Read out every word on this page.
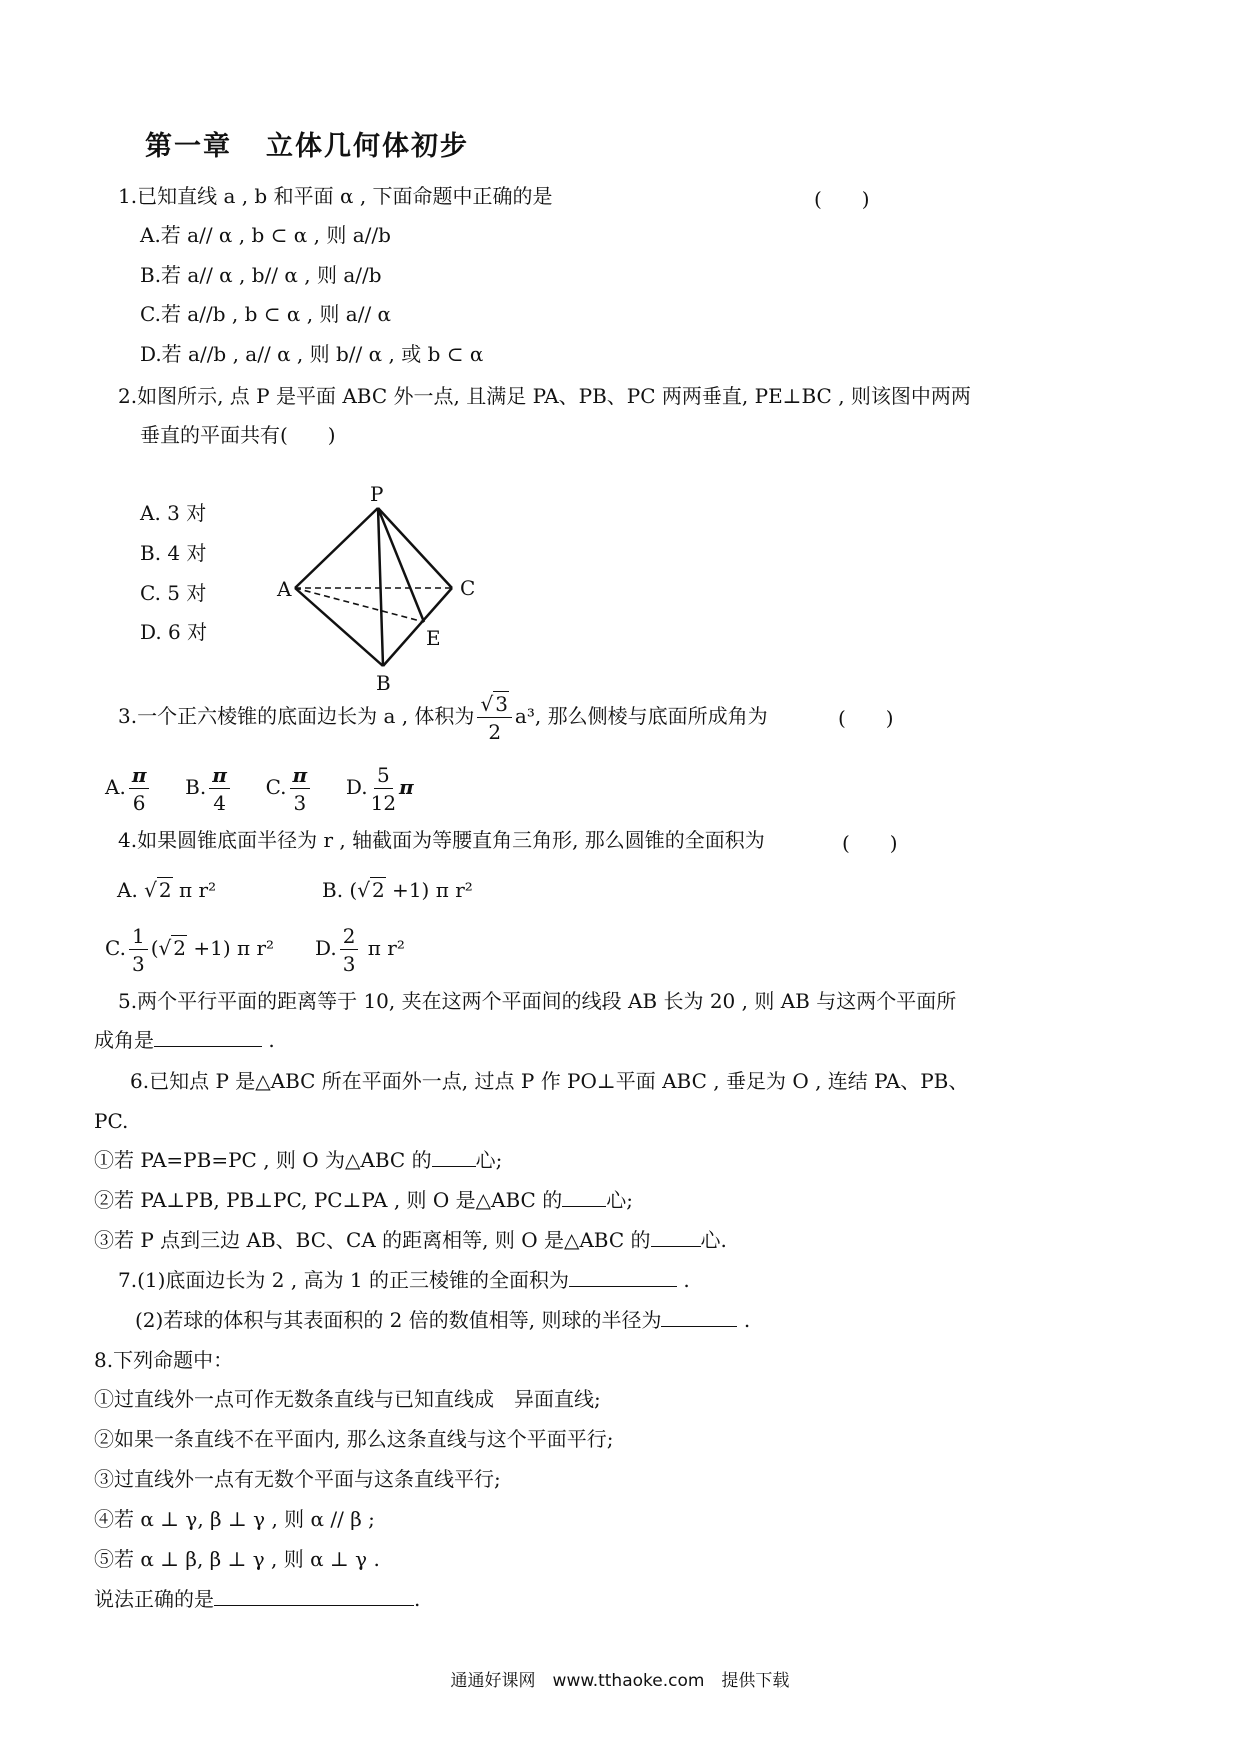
第一章 立体几何体初步
1.已知直线 a , b 和平面 α , 下面命题中正确的是	(　　)
A.若 a// α , b ⊂ α , 则 a//b
B.若 a// α , b// α , 则 a//b
C.若 a//b , b ⊂ α , 则 a// α
D.若 a//b , a// α , 则 b// α , 或 b ⊂ α
2.如图所示, 点 P 是平面 ABC 外一点, 且满足 PA、PB、PC 两两垂直, PE⊥BC , 则该图中两两
垂直的平面共有(　　)
A. 3 对
B. 4 对
C. 5 对
D. 6 对
P
A	C
E
B
3.一个正六棱锥的底面边长为 a , 体积为 $\frac{√ 3}{2} a^3$, 那么侧棱与底面所成角为	(　　)
A. $\frac{\pi}{6} B$. $\frac{\pi}{4} C$. $\frac{\pi}{3} D$. $\frac{5}{12}$ π
4.如果圆锥底面半径为 r , 轴截面为等腰直角三角形, 那么圆锥的全面积为	(　　)
A. √ 2 π r²	B. (√ 2 +1) π r²
C. $\frac{1}{3}$ (√ 2 +1) π r² D. $\frac{2}{3}$ π r²
5.两个平行平面的距离等于 10, 夹在这两个平面间的线段 AB 长为 20 , 则 AB 与这两个平面所
成角是	.
6.已知点 P 是△ABC 所在平面外一点, 过点 P 作 PO⊥平面 ABC , 垂足为 O , 连结 PA、PB、
PC.
①若 PA=PB=PC , 则 O 为△ABC 的 心;
②若 PA⊥PB, PB⊥PC, PC⊥PA , 则 O 是△ABC 的 心;
③若 P 点到三边 AB、BC、CA 的距离相等, 则 O 是△ABC 的	心.
7.(1)底面边长为 2 , 高为 1 的正三棱锥的全面积为	.
(2)若球的体积与其表面积的 2 倍的数值相等, 则球的半径为	.
8.下列命题中：
①过直线外一点可作无数条直线与已知直线成　异面直线;
②如果一条直线不在平面内, 那么这条直线与这个平面平行;
③过直线外一点有无数个平面与这条直线平行;
④若 α ⊥ γ, β ⊥ γ , 则 α // β ;
⑤若 α ⊥ β, β ⊥ γ , 则 α ⊥ γ .
说法正确的是	.
通通好课网　www.tthaoke.com　提供下载
